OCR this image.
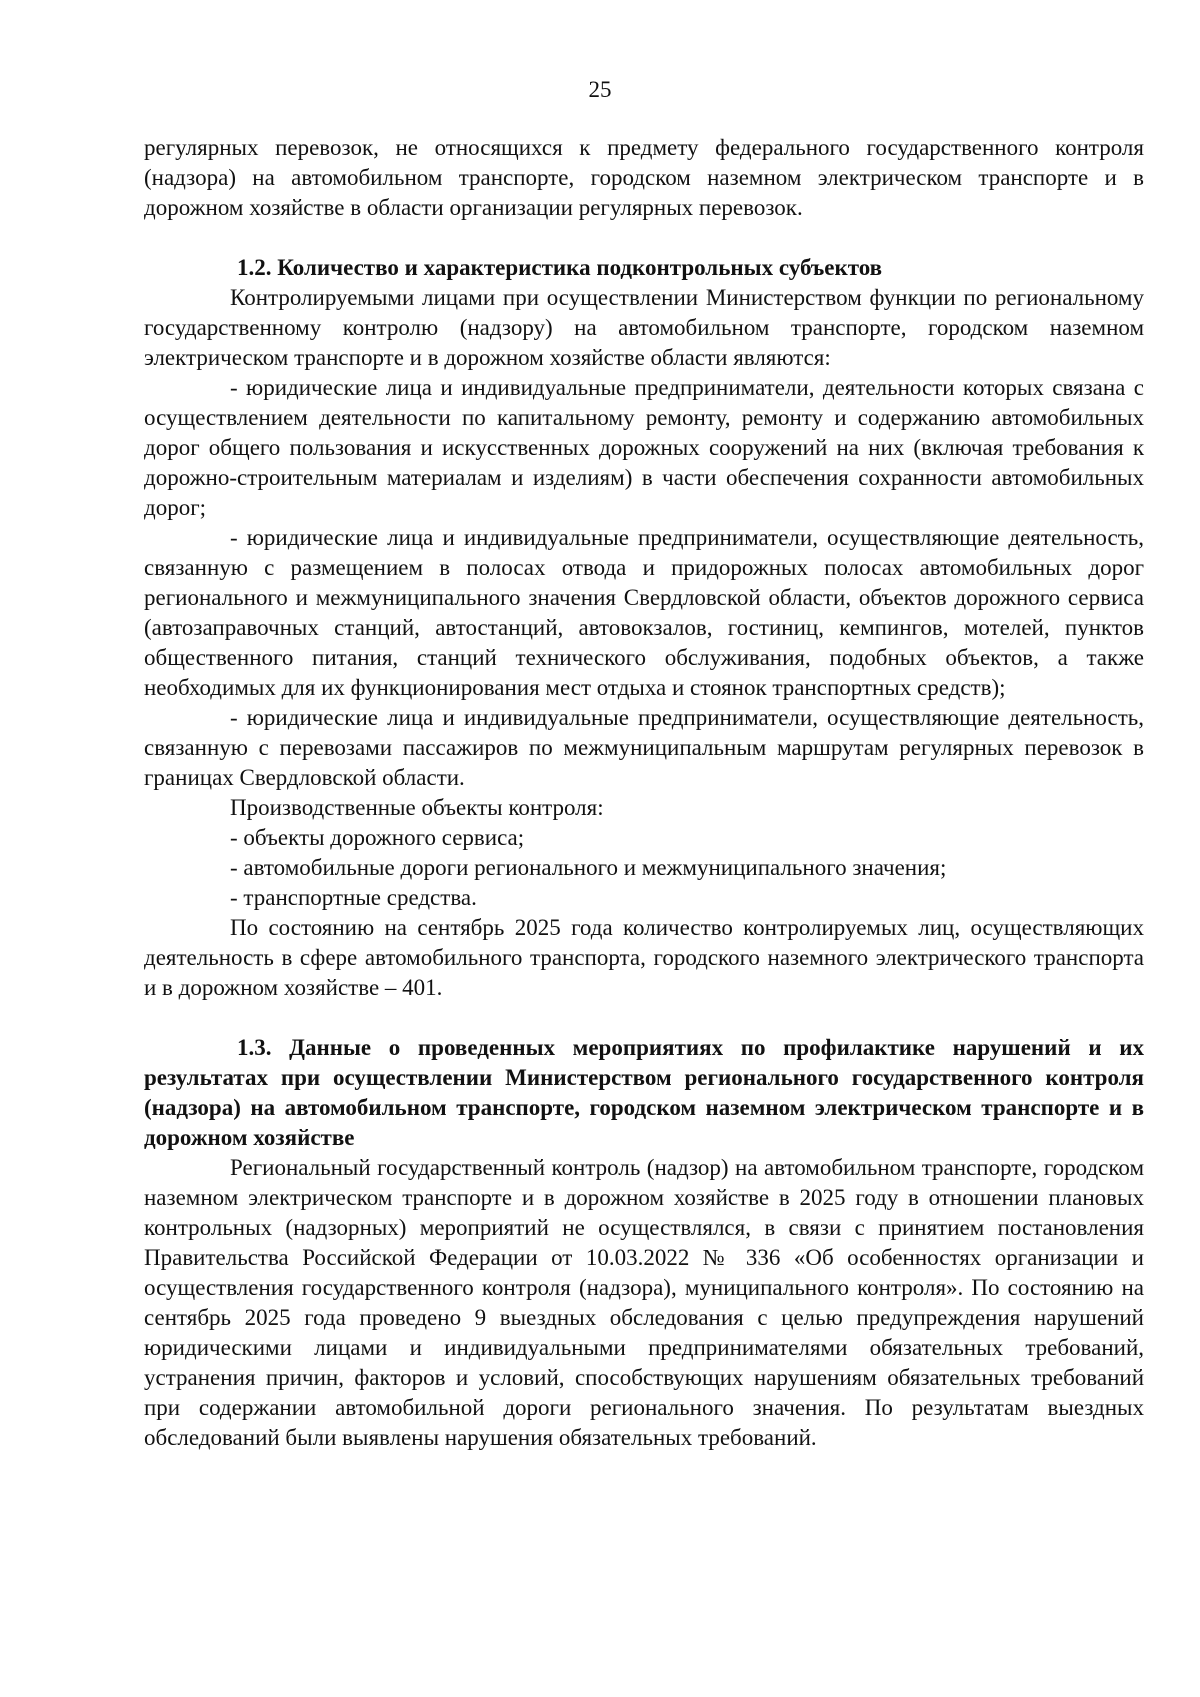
25

регулярных перевозок, не относящихся к предмету федерального государственного контроля (надзора) на автомобильном транспорте, городском наземном электрическом транспорте и в дорожном хозяйстве в области организации регулярных перевозок.

1.2. Количество и характеристика подконтрольных субъектов

Контролируемыми лицами при осуществлении Министерством функции по региональному государственному контролю (надзору) на автомобильном транспорте, городском наземном электрическом транспорте и в дорожном хозяйстве области являются:

- юридические лица и индивидуальные предприниматели, деятельности которых связана с осуществлением деятельности по капитальному ремонту, ремонту и содержанию автомобильных дорог общего пользования и искусственных дорожных сооружений на них (включая требования к дорожно-строительным материалам и изделиям) в части обеспечения сохранности автомобильных дорог;

- юридические лица и индивидуальные предприниматели, осуществляющие деятельность, связанную с размещением в полосах отвода и придорожных полосах автомобильных дорог регионального и межмуниципального значения Свердловской области, объектов дорожного сервиса (автозаправочных станций, автостанций, автовокзалов, гостиниц, кемпингов, мотелей, пунктов общественного питания, станций технического обслуживания, подобных объектов, а также необходимых для их функционирования мест отдыха и стоянок транспортных средств);

- юридические лица и индивидуальные предприниматели, осуществляющие деятельность, связанную с перевозами пассажиров по межмуниципальным маршрутам регулярных перевозок в границах Свердловской области.

Производственные объекты контроля:

- объекты дорожного сервиса;

- автомобильные дороги регионального и межмуниципального значения;

- транспортные средства.

По состоянию на сентябрь 2025 года количество контролируемых лиц, осуществляющих деятельность в сфере автомобильного транспорта, городского наземного электрического транспорта и в дорожном хозяйстве – 401.

1.3. Данные о проведенных мероприятиях по профилактике нарушений и их результатах при осуществлении Министерством регионального государственного контроля (надзора) на автомобильном транспорте, городском наземном электрическом транспорте и в дорожном хозяйстве

Региональный государственный контроль (надзор) на автомобильном транспорте, городском наземном электрическом транспорте и в дорожном хозяйстве в 2025 году в отношении плановых контрольных (надзорных) мероприятий не осуществлялся, в связи с принятием постановления Правительства Российской Федерации от 10.03.2022 № 336 «Об особенностях организации и осуществления государственного контроля (надзора), муниципального контроля». По состоянию на сентябрь 2025 года проведено 9 выездных обследования с целью предупреждения нарушений юридическими лицами и индивидуальными предпринимателями обязательных требований, устранения причин, факторов и условий, способствующих нарушениям обязательных требований при содержании автомобильной дороги регионального значения. По результатам выездных обследований были выявлены нарушения обязательных требований.
